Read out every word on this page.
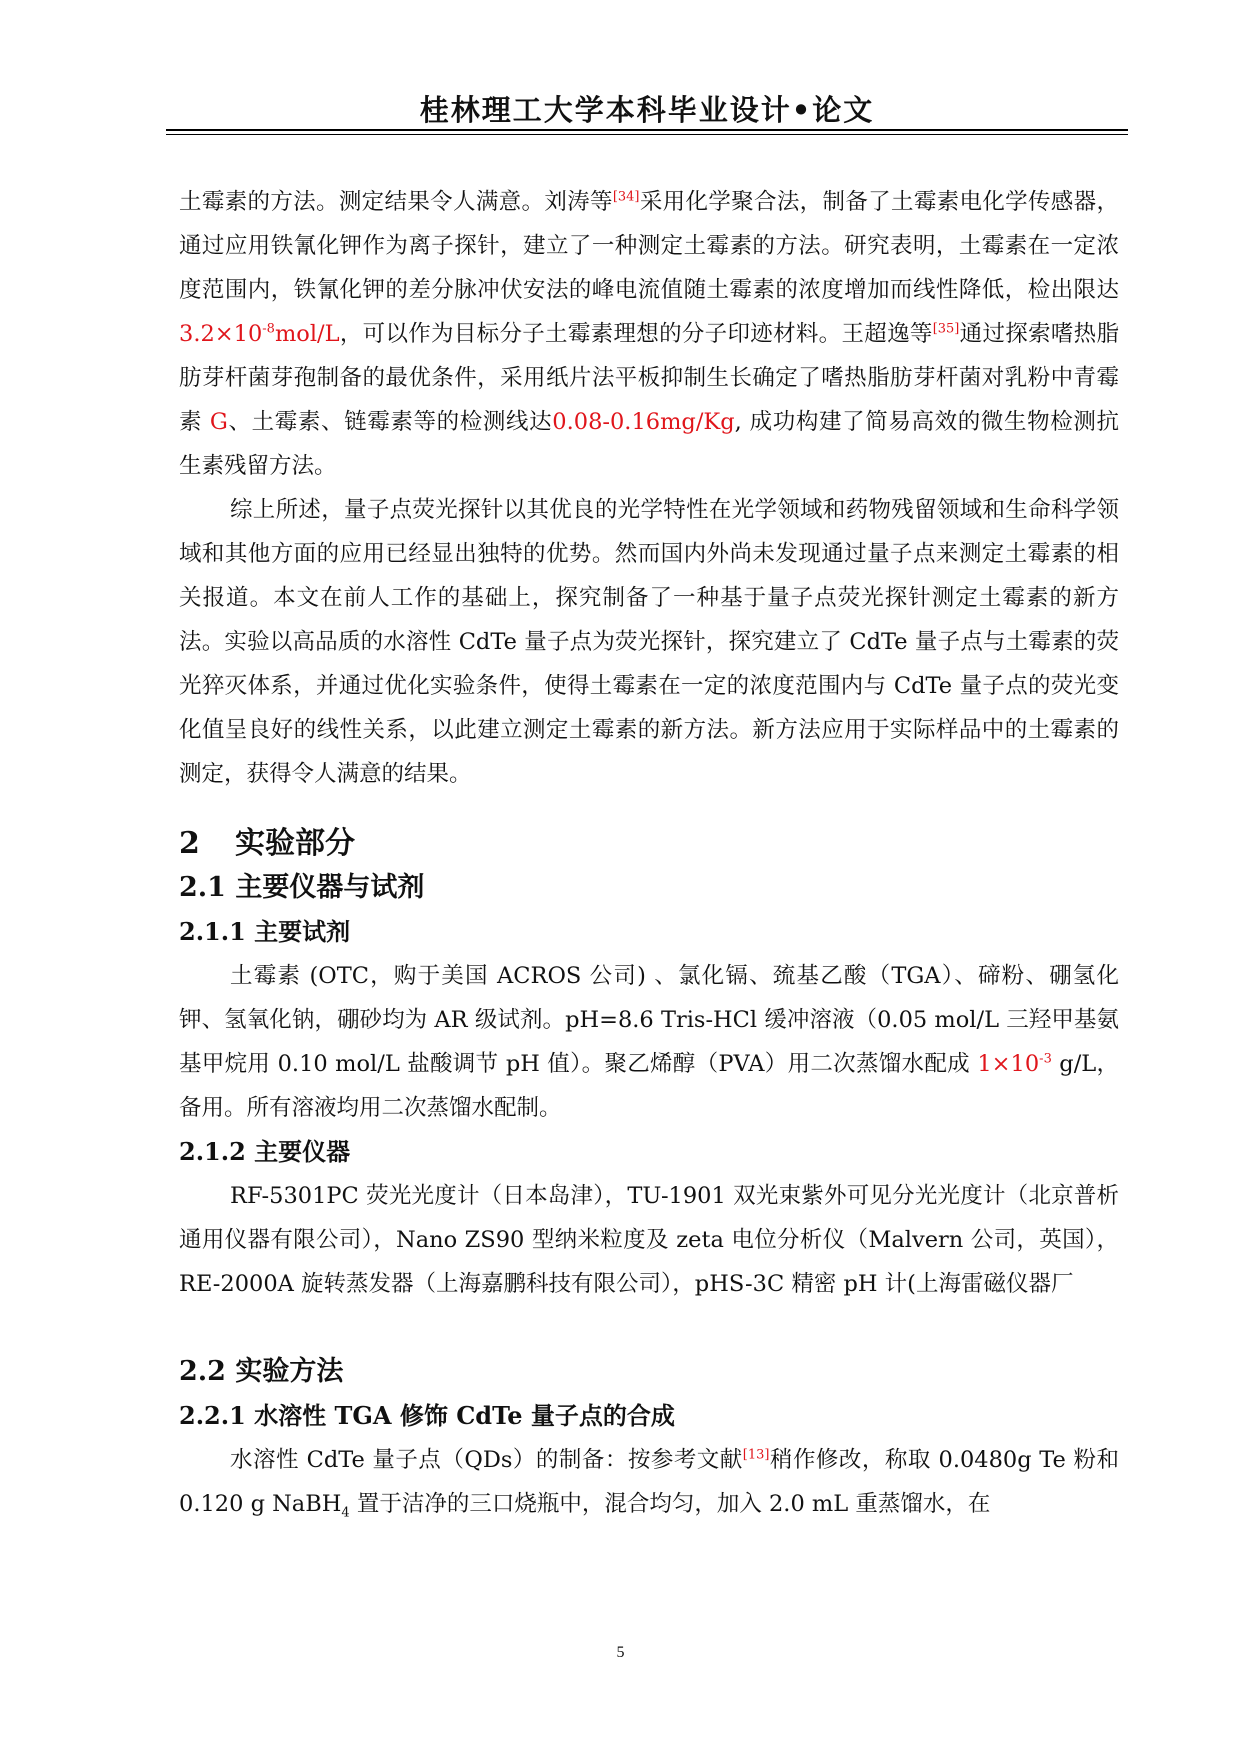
桂林理工大学本科毕业设计•论文

土霉素的方法。测定结果令人满意。刘涛等[34]采用化学聚合法，制备了土霉素电化学传感器，通过应用铁氰化钾作为离子探针，建立了一种测定土霉素的方法。研究表明，土霉素在一定浓度范围内，铁氰化钾的差分脉冲伏安法的峰电流值随土霉素的浓度增加而线性降低，检出限达 $3.2\times 10^{-8}mol/L$，可以作为目标分子土霉素理想的分子印迹材料。王超逸等[35]通过探索嗜热脂肪芽杆菌芽孢制备的最优条件，采用纸片法平板抑制生长确定了嗜热脂肪芽杆菌对乳粉中青霉素 G、土霉素、链霉素等的检测线达0.08-0.16mg/Kg, 成功构建了简易高效的微生物检测抗生素残留方法。

综上所述，量子点荧光探针以其优良的光学特性在光学领域和药物残留领域和生命科学领域和其他方面的应用已经显出独特的优势。然而国内外尚未发现通过量子点来测定土霉素的相关报道。本文在前人工作的基础上，探究制备了一种基于量子点荧光探针测定土霉素的新方法。实验以高品质的水溶性 CdTe 量子点为荧光探针，探究建立了 CdTe 量子点与土霉素的荧光猝灭体系，并通过优化实验条件，使得土霉素在一定的浓度范围内与 CdTe 量子点的荧光变化值呈良好的线性关系，以此建立测定土霉素的新方法。新方法应用于实际样品中的土霉素的测定，获得令人满意的结果。

2 实验部分

2.1 主要仪器与试剂

2.1.1 主要试剂

土霉素 (OTC，购于美国 ACROS 公司) 、氯化镉、巯基乙酸（TGA）、碲粉、硼氢化钾、氢氧化钠，硼砂均为 AR 级试剂。pH=8.6 Tris-HCl 缓冲溶液（0.05 mol/L 三羟甲基氨基甲烷用 0.10 mol/L 盐酸调节 pH 值）。聚乙烯醇（PVA）用二次蒸馏水配成 $1\times 10^{-3}$ g/L，备用。所有溶液均用二次蒸馏水配制。

2.1.2 主要仪器

RF-5301PC 荧光光度计（日本岛津），TU-1901 双光束紫外可见分光光度计（北京普析通用仪器有限公司），Nano ZS90 型纳米粒度及 zeta 电位分析仪（Malvern 公司，英国），RE-2000A 旋转蒸发器（上海嘉鹏科技有限公司），pHS-3C 精密 pH 计(上海雷磁仪器厂

2.2 实验方法

2.2.1 水溶性 TGA 修饰 CdTe 量子点的合成

水溶性 CdTe 量子点（QDs）的制备：按参考文献[13]稍作修改，称取 0.0480g Te 粉和 0.120 g NaBH$_4$ 置于洁净的三口烧瓶中，混合均匀，加入 2.0 mL 重蒸馏水，在

5
